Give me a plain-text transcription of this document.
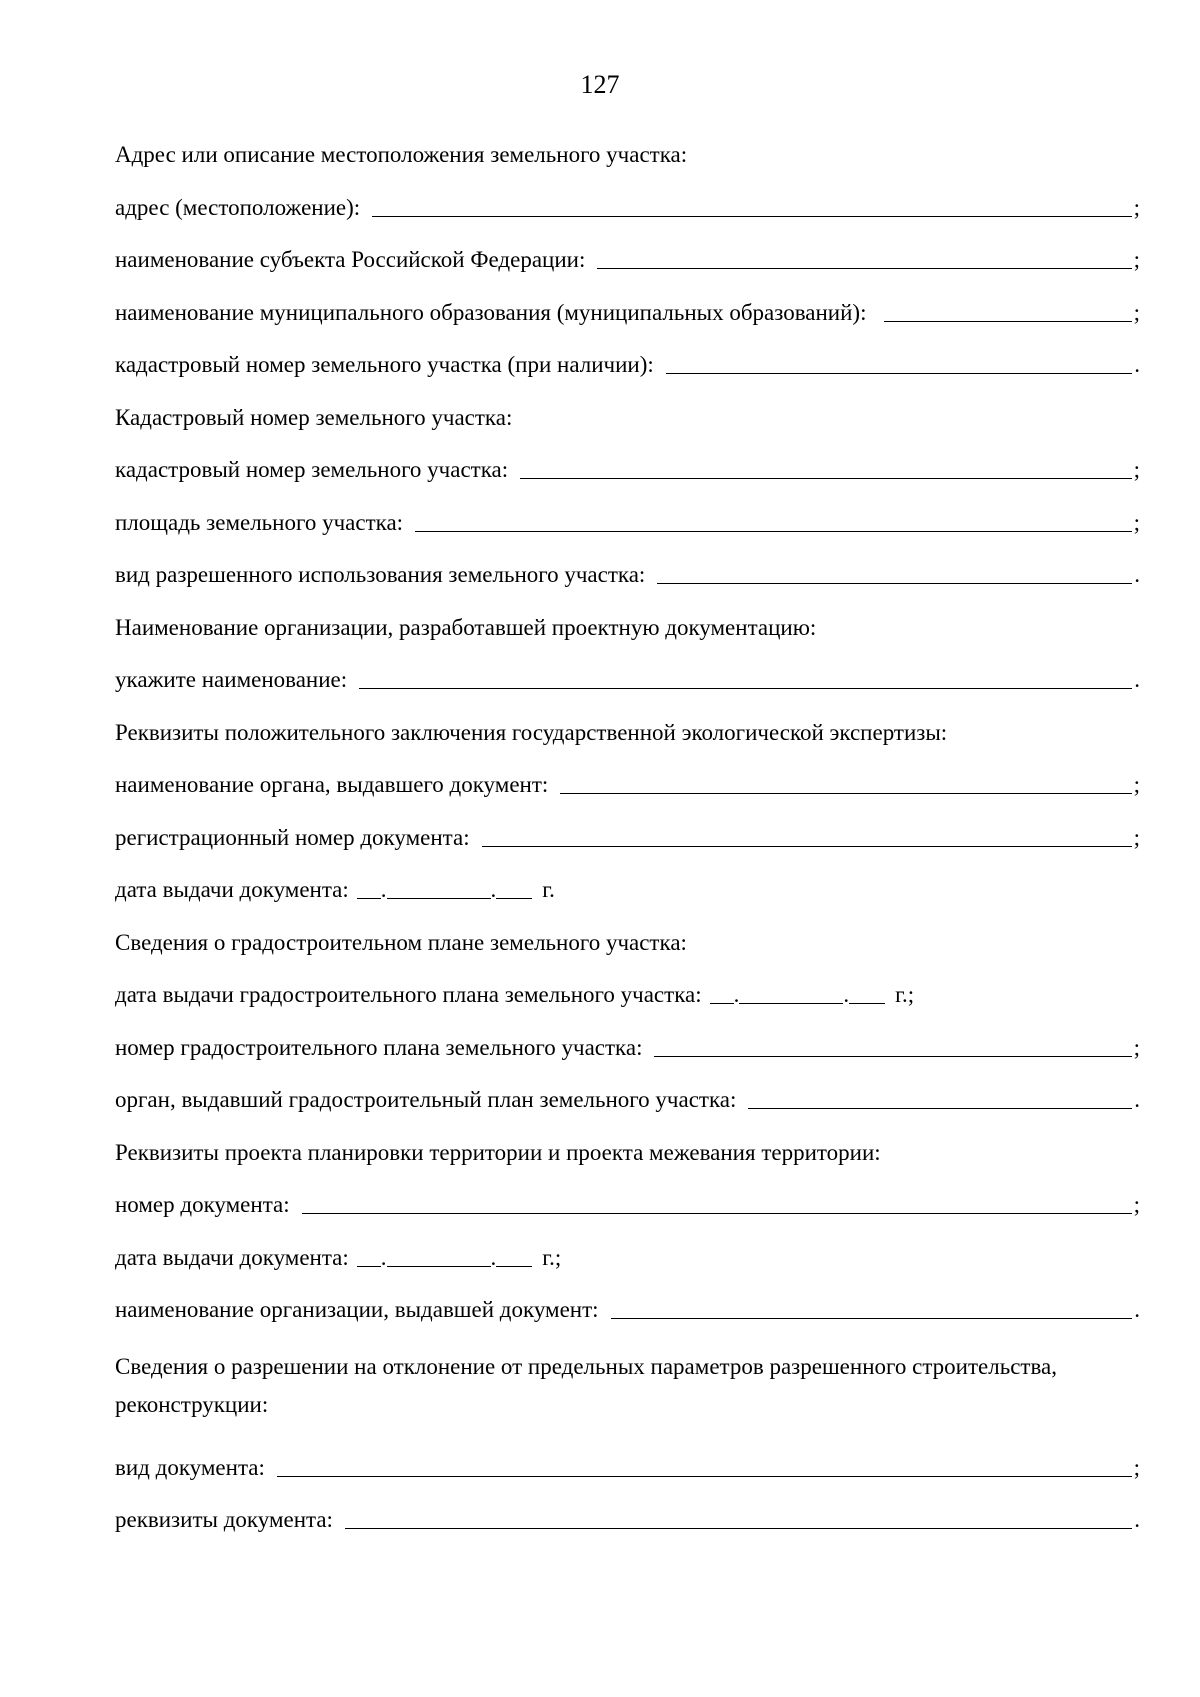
127
Адрес или описание местоположения земельного участка:
адрес (местоположение):	;
наименование субъекта Российской Федерации:	;
наименование муниципального образования (муниципальных образований):	;
кадастровый номер земельного участка (при наличии):	.
Кадастровый номер земельного участка:
кадастровый номер земельного участка:	;
площадь земельного участка:	;
вид разрешенного использования земельного участка:	.
Наименование организации, разработавшей проектную документацию:
укажите наименование:	.
Реквизиты положительного заключения государственной экологической экспертизы:
наименование органа, выдавшего документ:	;
регистрационный номер документа:	;
дата выдачи документа: .	. г.
Сведения о градостроительном плане земельного участка:
дата выдачи градостроительного плана земельного участка: .	. г.;
номер градостроительного плана земельного участка:	;
орган, выдавший градостроительный план земельного участка:	.
Реквизиты проекта планировки территории и проекта межевания территории:
номер документа:	;
дата выдачи документа: .	. г.;
наименование организации, выдавшей документ:	.
Сведения о разрешении на отклонение от предельных параметров разрешенного строительства, реконструкции:
вид документа:	;
реквизиты документа:	.
